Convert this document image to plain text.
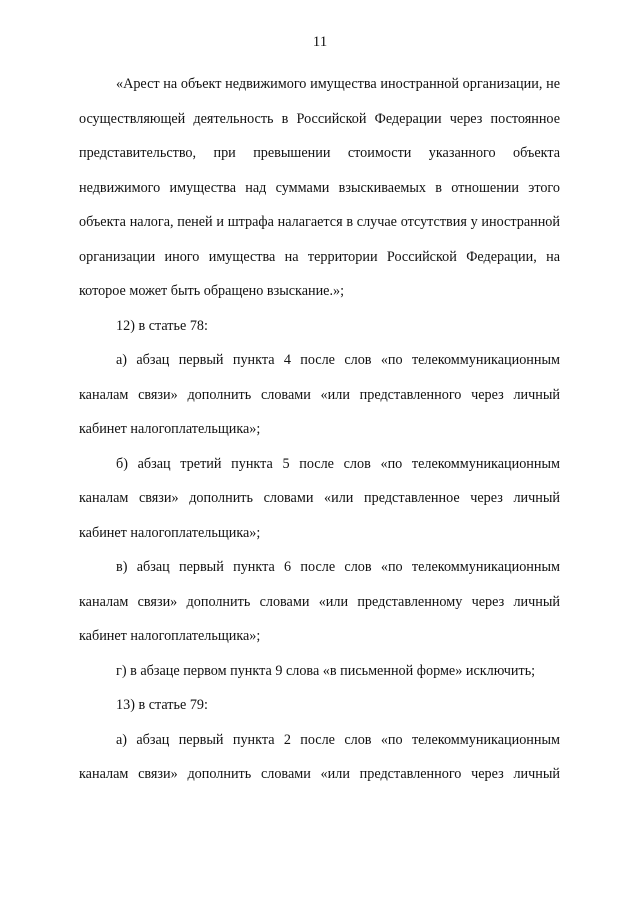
11

«Арест на объект недвижимого имущества иностранной организации, не осуществляющей деятельность в Российской Федерации через постоянное представительство, при превышении стоимости указанного объекта недвижимого имущества над суммами взыскиваемых в отношении этого объекта налога, пеней и штрафа налагается в случае отсутствия у иностранной организации иного имущества на территории Российской Федерации, на которое может быть обращено взыскание.»;

12) в статье 78:

а) абзац первый пункта 4 после слов «по телекоммуникационным каналам связи» дополнить словами «или представленного через личный кабинет налогоплательщика»;

б) абзац третий пункта 5 после слов «по телекоммуникационным каналам связи» дополнить словами «или представленное через личный кабинет налогоплательщика»;

в) абзац первый пункта 6 после слов «по телекоммуникационным каналам связи» дополнить словами «или представленному через личный кабинет налогоплательщика»;

г) в абзаце первом пункта 9 слова «в письменной форме» исключить;

13) в статье 79:

а) абзац первый пункта 2 после слов «по телекоммуникационным каналам связи» дополнить словами «или представленного через личный
